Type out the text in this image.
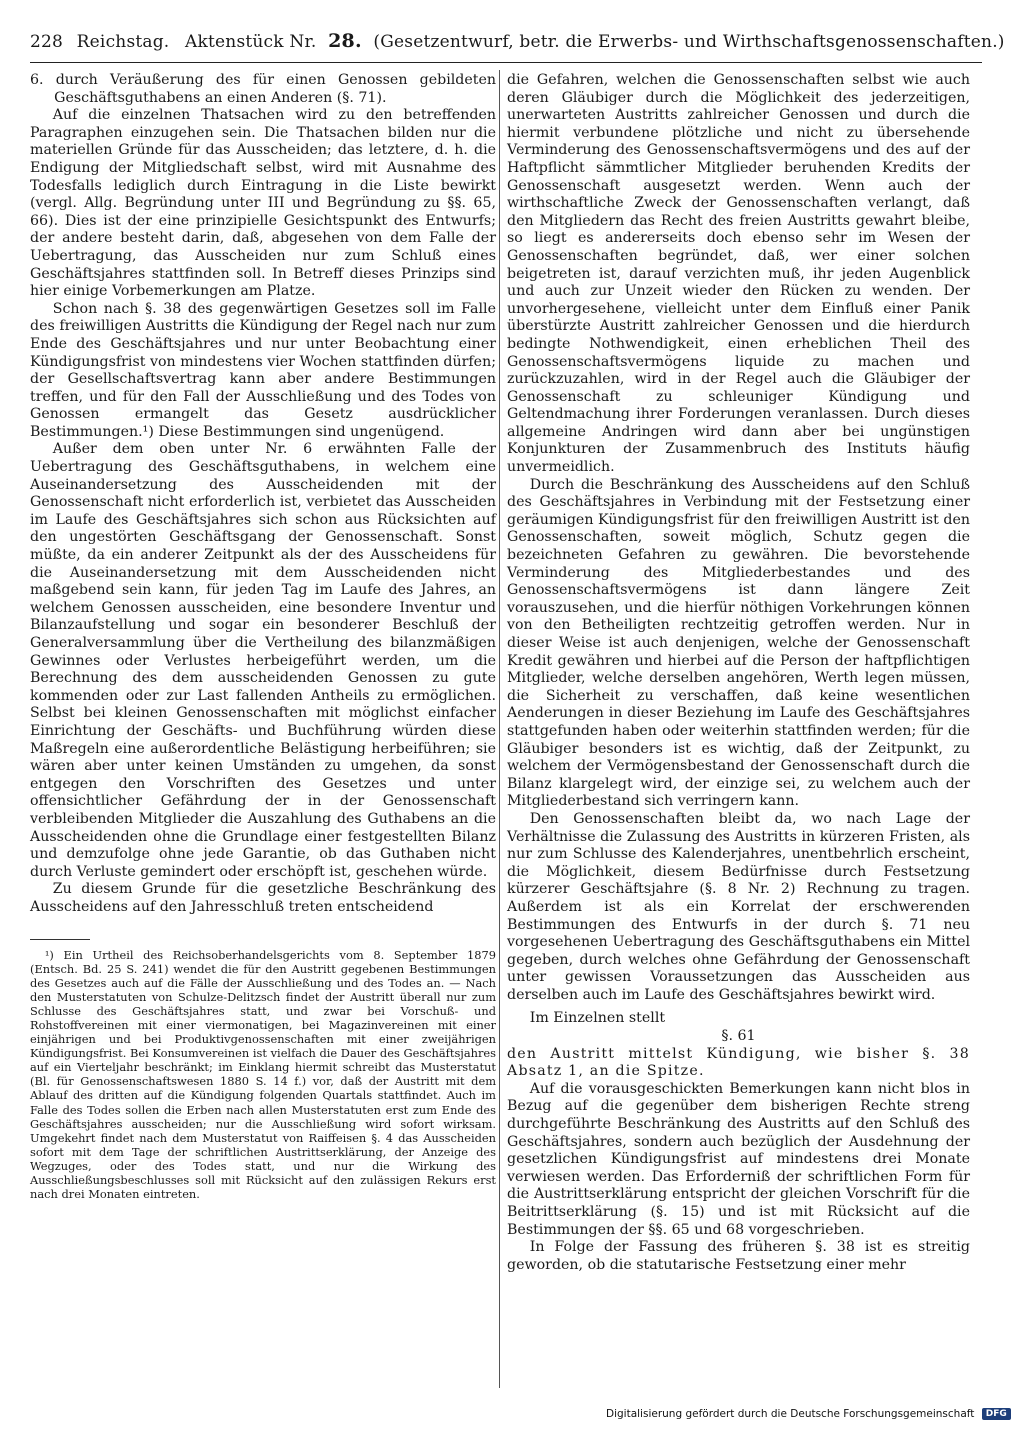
228 Reichstag. Aktenstück Nr. 28. (Gesetzentwurf, betr. die Erwerbs- und Wirthschaftsgenossenschaften.)

6. durch Veräußerung des für einen Genossen gebildeten Geschäftsguthabens an einen Anderen (§. 71).

Auf die einzelnen Thatsachen wird zu den betreffenden Paragraphen einzugehen sein. Die Thatsachen bilden nur die materiellen Gründe für das Ausscheiden; das letztere, d. h. die Endigung der Mitgliedschaft selbst, wird mit Ausnahme des Todesfalls lediglich durch Eintragung in die Liste bewirkt (vergl. Allg. Begründung unter III und Begründung zu §§. 65, 66). Dies ist der eine prinzipielle Gesichtspunkt des Entwurfs; der andere besteht darin, daß, abgesehen von dem Falle der Uebertragung, das Ausscheiden nur zum Schluß eines Geschäftsjahres stattfinden soll. In Betreff dieses Prinzips sind hier einige Vorbemerkungen am Platze.

Schon nach §. 38 des gegenwärtigen Gesetzes soll im Falle des freiwilligen Austritts die Kündigung der Regel nach nur zum Ende des Geschäftsjahres und nur unter Beobachtung einer Kündigungsfrist von mindestens vier Wochen stattfinden dürfen; der Gesellschaftsvertrag kann aber andere Bestimmungen treffen, und für den Fall der Ausschließung und des Todes von Genossen ermangelt das Gesetz ausdrücklicher Bestimmungen.¹) Diese Bestimmungen sind ungenügend.

Außer dem oben unter Nr. 6 erwähnten Falle der Uebertragung des Geschäftsguthabens, in welchem eine Auseinandersetzung des Ausscheidenden mit der Genossenschaft nicht erforderlich ist, verbietet das Ausscheiden im Laufe des Geschäftsjahres sich schon aus Rücksichten auf den ungestörten Geschäftsgang der Genossenschaft. Sonst müßte, da ein anderer Zeitpunkt als der des Ausscheidens für die Auseinandersetzung mit dem Ausscheidenden nicht maßgebend sein kann, für jeden Tag im Laufe des Jahres, an welchem Genossen ausscheiden, eine besondere Inventur und Bilanzaufstellung und sogar ein besonderer Beschluß der Generalversammlung über die Vertheilung des bilanzmäßigen Gewinnes oder Verlustes herbeigeführt werden, um die Berechnung des dem ausscheidenden Genossen zu gute kommenden oder zur Last fallenden Antheils zu ermöglichen. Selbst bei kleinen Genossenschaften mit möglichst einfacher Einrichtung der Geschäfts- und Buchführung würden diese Maßregeln eine außerordentliche Belästigung herbeiführen; sie wären aber unter keinen Umständen zu umgehen, da sonst entgegen den Vorschriften des Gesetzes und unter offensichtlicher Gefährdung der in der Genossenschaft verbleibenden Mitglieder die Auszahlung des Guthabens an die Ausscheidenden ohne die Grundlage einer festgestellten Bilanz und demzufolge ohne jede Garantie, ob das Guthaben nicht durch Verluste gemindert oder erschöpft ist, geschehen würde.

Zu diesem Grunde für die gesetzliche Beschränkung des Ausscheidens auf den Jahresschluß treten entscheidend

¹) Ein Urtheil des Reichsoberhandelsgerichts vom 8. September 1879 (Entsch. Bd. 25 S. 241) wendet die für den Austritt gegebenen Bestimmungen des Gesetzes auch auf die Fälle der Ausschließung und des Todes an. — Nach den Musterstatuten von Schulze-Delitzsch findet der Austritt überall nur zum Schlusse des Geschäftsjahres statt, und zwar bei Vorschuß- und Rohstoffvereinen mit einer viermonatigen, bei Magazinvereinen mit einer einjährigen und bei Produktivgenossenschaften mit einer zweijährigen Kündigungsfrist. Bei Konsumvereinen ist vielfach die Dauer des Geschäftsjahres auf ein Vierteljahr beschränkt; im Einklang hiermit schreibt das Musterstatut (Bl. für Genossenschaftswesen 1880 S. 14 f.) vor, daß der Austritt mit dem Ablauf des dritten auf die Kündigung folgenden Quartals stattfindet. Auch im Falle des Todes sollen die Erben nach allen Musterstatuten erst zum Ende des Geschäftsjahres ausscheiden; nur die Ausschließung wird sofort wirksam. Umgekehrt findet nach dem Musterstatut von Raiffeisen §. 4 das Ausscheiden sofort mit dem Tage der schriftlichen Austrittserklärung, der Anzeige des Wegzuges, oder des Todes statt, und nur die Wirkung des Ausschließungsbeschlusses soll mit Rücksicht auf den zulässigen Rekurs erst nach drei Monaten eintreten.

die Gefahren, welchen die Genossenschaften selbst wie auch deren Gläubiger durch die Möglichkeit des jederzeitigen, unerwarteten Austritts zahlreicher Genossen und durch die hiermit verbundene plötzliche und nicht zu übersehende Verminderung des Genossenschaftsvermögens und des auf der Haftpflicht sämmtlicher Mitglieder beruhenden Kredits der Genossenschaft ausgesetzt werden. Wenn auch der wirthschaftliche Zweck der Genossenschaften verlangt, daß den Mitgliedern das Recht des freien Austritts gewahrt bleibe, so liegt es andererseits doch ebenso sehr im Wesen der Genossenschaften begründet, daß, wer einer solchen beigetreten ist, darauf verzichten muß, ihr jeden Augenblick und auch zur Unzeit wieder den Rücken zu wenden. Der unvorhergesehene, vielleicht unter dem Einfluß einer Panik überstürzte Austritt zahlreicher Genossen und die hierdurch bedingte Nothwendigkeit, einen erheblichen Theil des Genossenschaftsvermögens liquide zu machen und zurückzuzahlen, wird in der Regel auch die Gläubiger der Genossenschaft zu schleuniger Kündigung und Geltendmachung ihrer Forderungen veranlassen. Durch dieses allgemeine Andringen wird dann aber bei ungünstigen Konjunkturen der Zusammenbruch des Instituts häufig unvermeidlich.

Durch die Beschränkung des Ausscheidens auf den Schluß des Geschäftsjahres in Verbindung mit der Festsetzung einer geräumigen Kündigungsfrist für den freiwilligen Austritt ist den Genossenschaften, soweit möglich, Schutz gegen die bezeichneten Gefahren zu gewähren. Die bevorstehende Verminderung des Mitgliederbestandes und des Genossenschaftsvermögens ist dann längere Zeit vorauszusehen, und die hierfür nöthigen Vorkehrungen können von den Betheiligten rechtzeitig getroffen werden. Nur in dieser Weise ist auch denjenigen, welche der Genossenschaft Kredit gewähren und hierbei auf die Person der haftpflichtigen Mitglieder, welche derselben angehören, Werth legen müssen, die Sicherheit zu verschaffen, daß keine wesentlichen Aenderungen in dieser Beziehung im Laufe des Geschäftsjahres stattgefunden haben oder weiterhin stattfinden werden; für die Gläubiger besonders ist es wichtig, daß der Zeitpunkt, zu welchem der Vermögensbestand der Genossenschaft durch die Bilanz klargelegt wird, der einzige sei, zu welchem auch der Mitgliederbestand sich verringern kann.

Den Genossenschaften bleibt da, wo nach Lage der Verhältnisse die Zulassung des Austritts in kürzeren Fristen, als nur zum Schlusse des Kalenderjahres, unentbehrlich erscheint, die Möglichkeit, diesem Bedürfnisse durch Festsetzung kürzerer Geschäftsjahre (§. 8 Nr. 2) Rechnung zu tragen. Außerdem ist als ein Korrelat der erschwerenden Bestimmungen des Entwurfs in der durch §. 71 neu vorgesehenen Uebertragung des Geschäftsguthabens ein Mittel gegeben, durch welches ohne Gefährdung der Genossenschaft unter gewissen Voraussetzungen das Ausscheiden aus derselben auch im Laufe des Geschäftsjahres bewirkt wird.

Im Einzelnen stellt

§. 61

den Austritt mittelst Kündigung, wie bisher §. 38 Absatz 1, an die Spitze.

Auf die vorausgeschickten Bemerkungen kann nicht blos in Bezug auf die gegenüber dem bisherigen Rechte streng durchgeführte Beschränkung des Austritts auf den Schluß des Geschäftsjahres, sondern auch bezüglich der Ausdehnung der gesetzlichen Kündigungsfrist auf mindestens drei Monate verwiesen werden. Das Erforderniß der schriftlichen Form für die Austrittserklärung entspricht der gleichen Vorschrift für die Beitrittserklärung (§. 15) und ist mit Rücksicht auf die Bestimmungen der §§. 65 und 68 vorgeschrieben.

In Folge der Fassung des früheren §. 38 ist es streitig geworden, ob die statutarische Festsetzung einer mehr

Digitalisierung gefördert durch die Deutsche Forschungsgemeinschaft DFG
